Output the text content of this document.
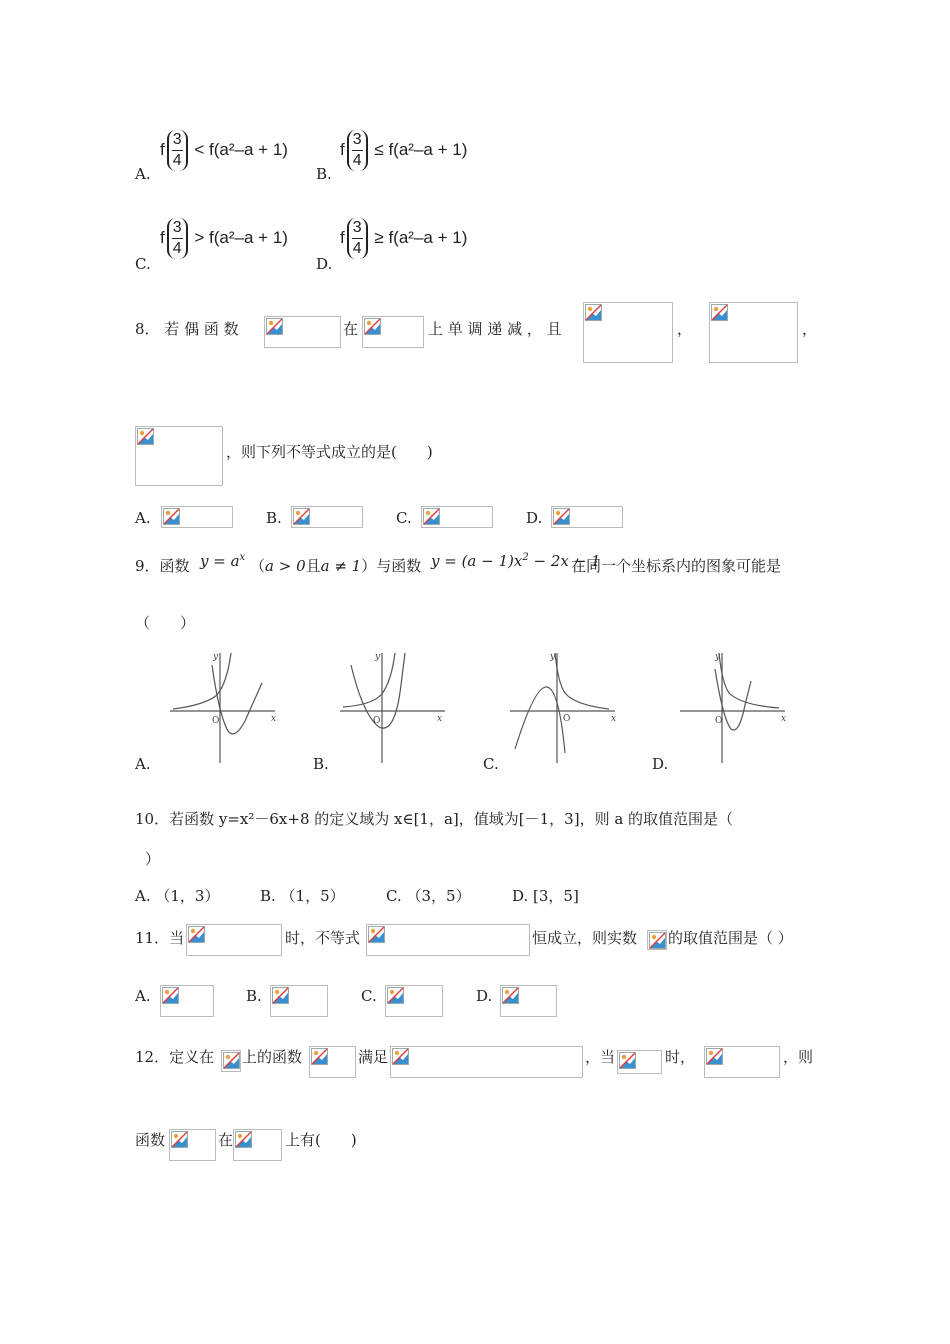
A.
f $\frac{3}{4} < f(a^2-a + 1)$
B.
f $\frac{3}{4} \le f(a^2-a + 1)$
C.
f $\frac{3}{4} > f(a^2-a + 1)$
D.
f $\frac{3}{4} \ge f(a^2-a + 1)$
8． 若 偶 函 数	在	上 单 调 递 减 ， 且	，	，
，则下列不等式成立的是(　　)
A.	B.	C.	D.
9．函数 $y = a^x$ （a > 0且a ≠ 1）与函数 $y = (a - 1)x^2 - 2x - 1$
在同一个坐标系内的图象可能是
（　　）
y
x
O
A.
y
x
O
B.
y
x
O
C.
y
x
O
D.
10．若函数 y=x²－6x+8 的定义域为 x∈[1，a]，值域为[－1，3]，则 a 的取值范围是（
）
A. （1，3）	B. （1，5）	C. （3，5）	D. [3，5]
11．当	时，不等式	恒成立，则实数 的取值范围是（ ）
A.	B.	C.	D.
12．定义在 上的函数	满足	，当	时，	，则
函数	在	上有(　　)
